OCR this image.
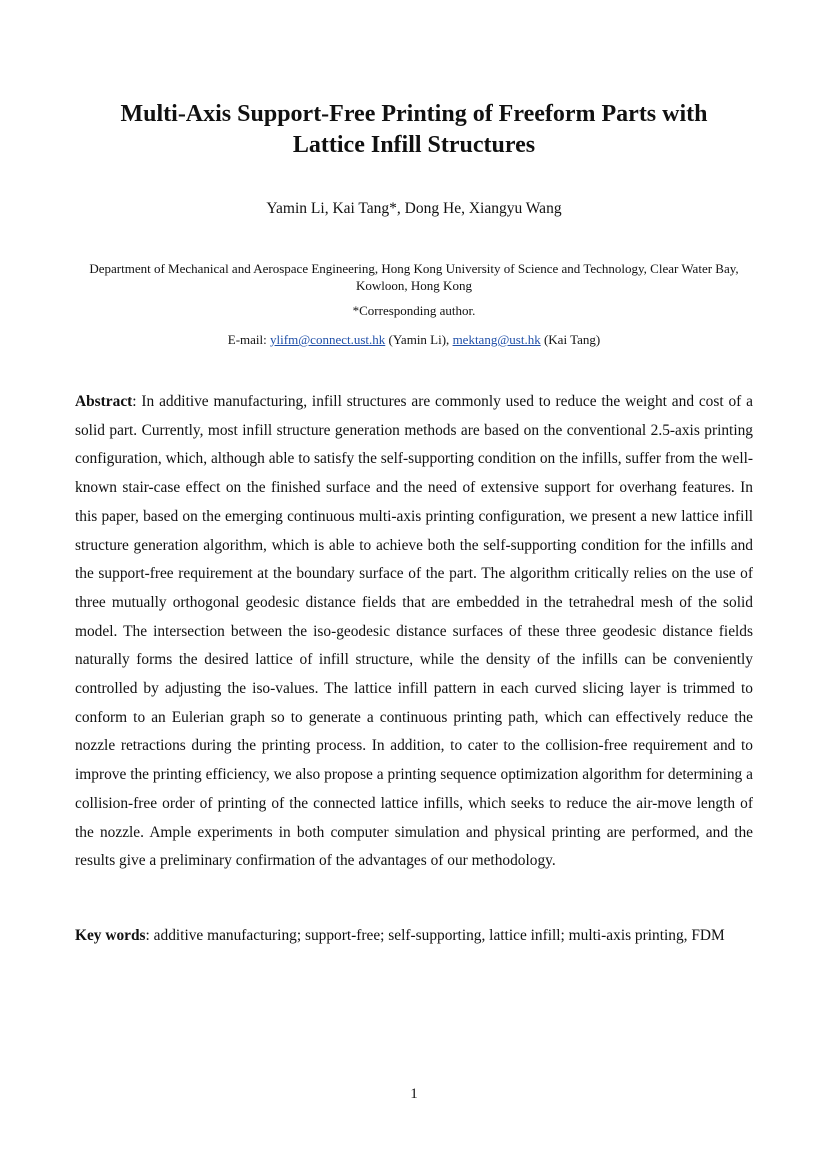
Multi-Axis Support-Free Printing of Freeform Parts with
Lattice Infill Structures
Yamin Li, Kai Tang*, Dong He, Xiangyu Wang
Department of Mechanical and Aerospace Engineering, Hong Kong University of Science and Technology, Clear Water Bay, Kowloon, Hong Kong
*Corresponding author.
E-mail: ylifm@connect.ust.hk (Yamin Li), mektang@ust.hk (Kai Tang)

Abstract: In additive manufacturing, infill structures are commonly used to reduce the weight and cost of a solid part. Currently, most infill structure generation methods are based on the conventional 2.5-axis printing configuration, which, although able to satisfy the self-supporting condition on the infills, suffer from the well-known stair-case effect on the finished surface and the need of extensive support for overhang features. In this paper, based on the emerging continuous multi-axis printing configuration, we present a new lattice infill structure generation algorithm, which is able to achieve both the self-supporting condition for the infills and the support-free requirement at the boundary surface of the part. The algorithm critically relies on the use of three mutually orthogonal geodesic distance fields that are embedded in the tetrahedral mesh of the solid model. The intersection between the iso-geodesic distance surfaces of these three geodesic distance fields naturally forms the desired lattice of infill structure, while the density of the infills can be conveniently controlled by adjusting the iso-values. The lattice infill pattern in each curved slicing layer is trimmed to conform to an Eulerian graph so to generate a continuous printing path, which can effectively reduce the nozzle retractions during the printing process. In addition, to cater to the collision-free requirement and to improve the printing efficiency, we also propose a printing sequence optimization algorithm for determining a collision-free order of printing of the connected lattice infills, which seeks to reduce the air-move length of the nozzle. Ample experiments in both computer simulation and physical printing are performed, and the results give a preliminary confirmation of the advantages of our methodology.

Key words: additive manufacturing; support-free; self-supporting, lattice infill; multi-axis printing, FDM

1
